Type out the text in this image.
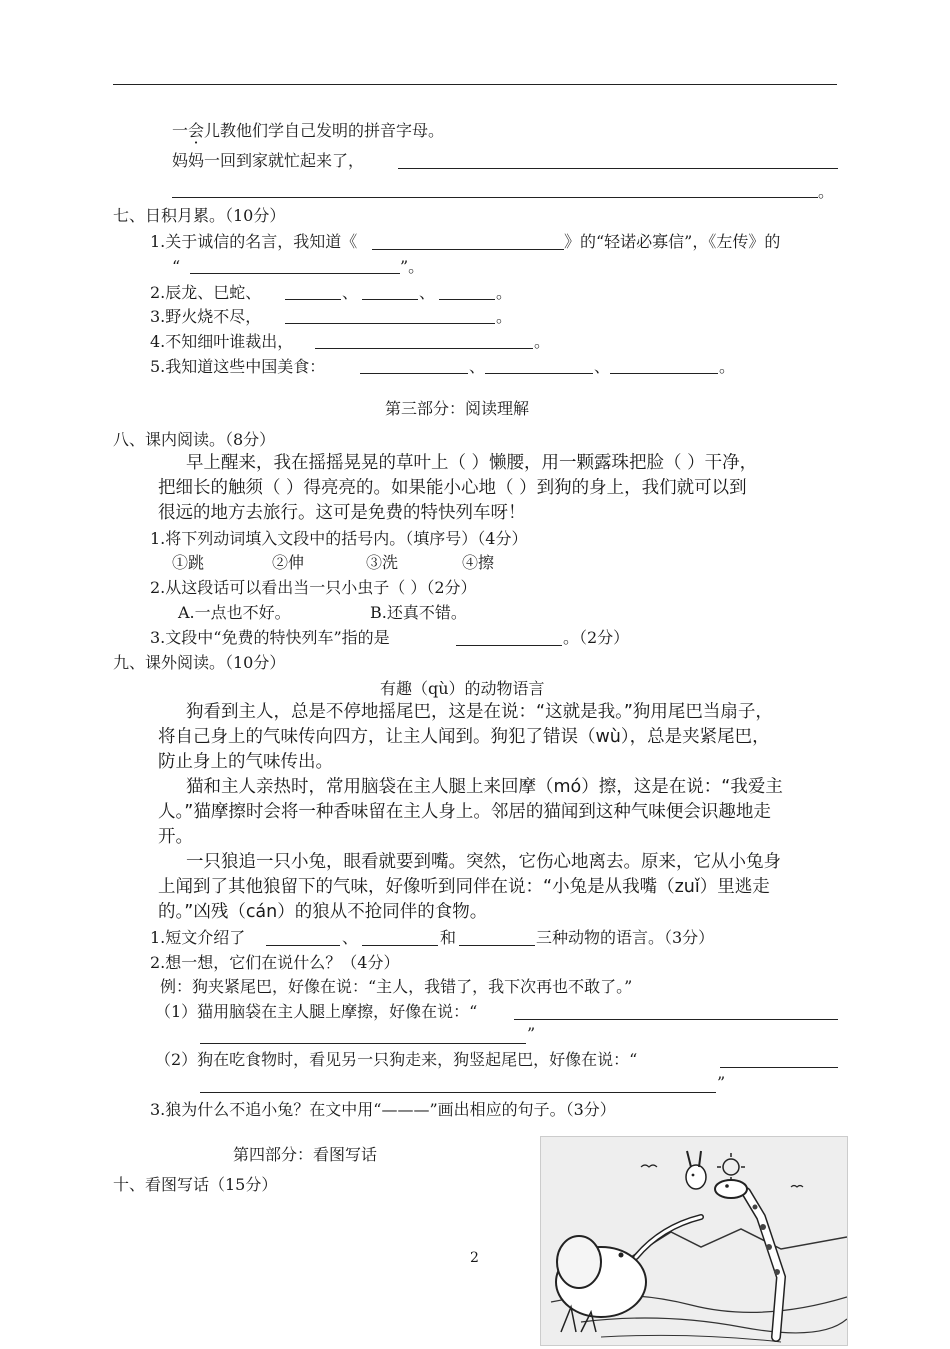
一会儿教他们学自己发明的拼音字母。
妈妈一回到家就忙起来了，
。
七、日积月累。（10分）
1.关于诚信的名言，我知道《	》的“轻诺必寡信”，《左传》的
“	”。
2.辰龙、巳蛇、	、	、	。
3.野火烧不尽，	。
4.不知细叶谁裁出，	。
5.我知道这些中国美食：	、	、	。
第三部分：阅读理解
八、课内阅读。（8分）
早上醒来，我在摇摇晃晃的草叶上（ ）懒腰，用一颗露珠把脸（ ）干净，
把细长的触须（ ）得亮亮的。如果能小心地（ ）到狗的身上，我们就可以到
很远的地方去旅行。这可是免费的特快列车呀！
1.将下列动词填入文段中的括号内。（填序号）（4分）
①跳	②伸	③洗	④擦
2.从这段话可以看出当一只小虫子（ ）（2分）
A.一点也不好。	B.还真不错。
3.文段中“免费的特快列车”指的是	。（2分）
九、课外阅读。（10分）
有趣（qù）的动物语言
狗看到主人，总是不停地摇尾巴，这是在说：“这就是我。”狗用尾巴当扇子，
将自己身上的气味传向四方，让主人闻到。狗犯了错误（wù），总是夹紧尾巴，
防止身上的气味传出。
猫和主人亲热时，常用脑袋在主人腿上来回摩（mó）擦，这是在说：“我爱主
人。”猫摩擦时会将一种香味留在主人身上。邻居的猫闻到这种气味便会识趣地走
开。
一只狼追一只小兔，眼看就要到嘴。突然，它伤心地离去。原来，它从小兔身
上闻到了其他狼留下的气味，好像听到同伴在说：“小兔是从我嘴（zuǐ）里逃走
的。”凶残（cán）的狼从不抢同伴的食物。
1.短文介绍了	、	和	三种动物的语言。（3分）
2.想一想，它们在说什么？（4分）
例：狗夹紧尾巴，好像在说：“主人，我错了，我下次再也不敢了。”
（1）猫用脑袋在主人腿上摩擦，好像在说：“
”
（2）狗在吃食物时，看见另一只狗走来，狗竖起尾巴，好像在说：“
”
3.狼为什么不追小兔？在文中用“———”画出相应的句子。（3分）
第四部分：看图写话
十、看图写话（15分）
2
